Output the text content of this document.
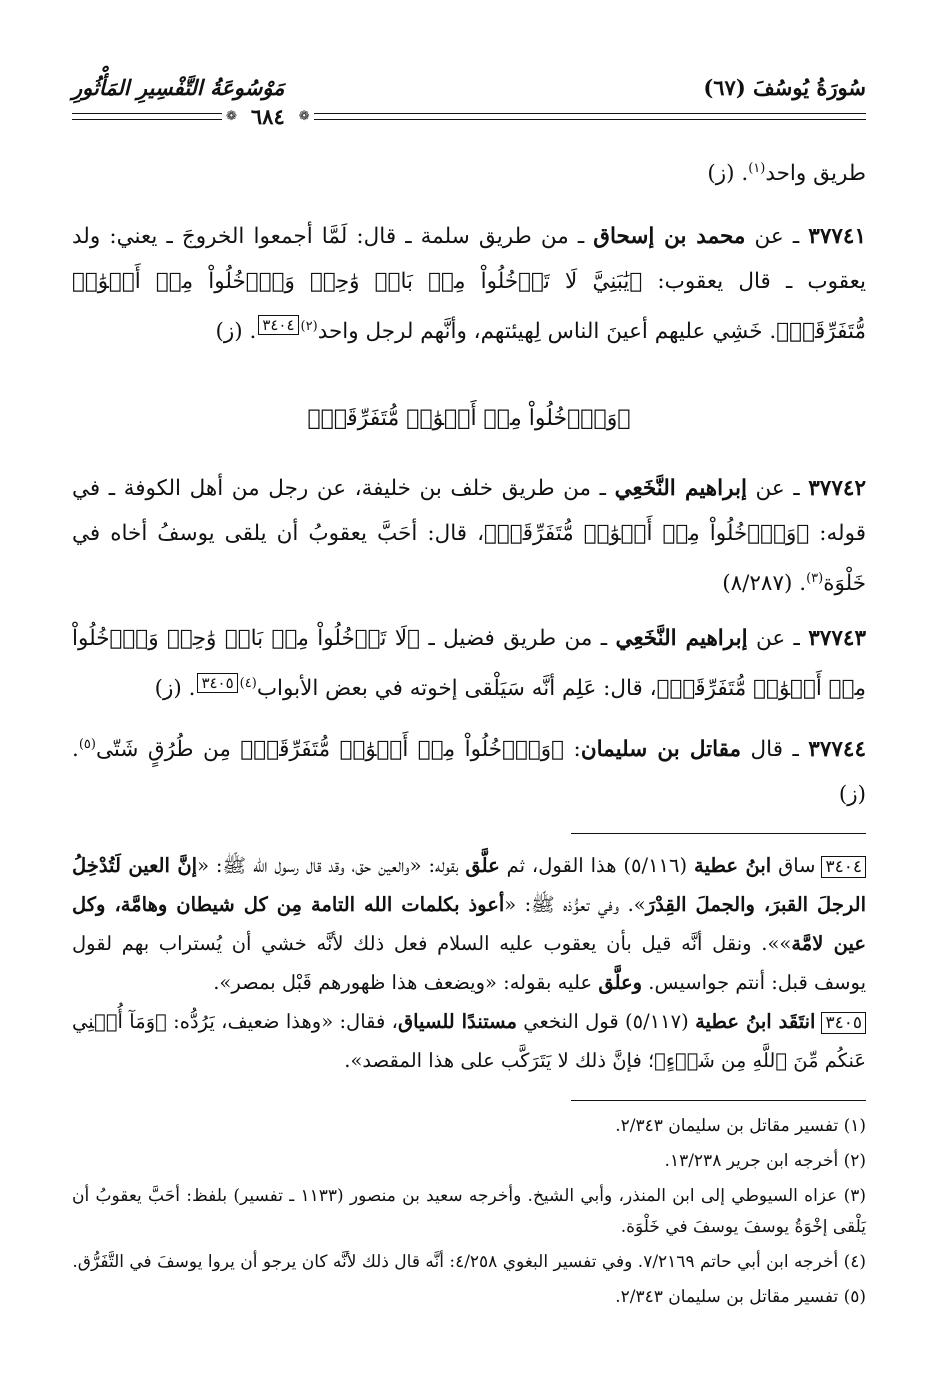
سُورَةُ يُوسُفَ (٦٧)
مَوْسُوعَةُ التَّفْسِيرِ المَأْثُورِ
❁
٦٨٤
❁

طريق واحد$^{(١)}$. (ز)

٣٧٧٤١ ـ عن محمد بن إسحاق ـ من طريق سلمة ـ قال: لَمَّا أجمعوا الخروجَ ـ يعني: ولد يعقوب ـ قال يعقوب: ﴿يَٰبَنِيَّ لَا تَدۡخُلُواْ مِنۢ بَابٖ وَٰحِدٖ وَٱدۡخُلُواْ مِنۡ أَبۡوَٰبٖ مُّتَفَرِّقَةٖ﴾. خَشِي عليهم أعينَ الناس لِهيئتهم، وأنَّهم لرجل واحد$^{(٢)}$٣٤٠٤. (ز)

﴿وَٱدۡخُلُواْ مِنۡ أَبۡوَٰبٖ مُّتَفَرِّقَةٖ﴾

٣٧٧٤٢ ـ عن إبراهيم النَّخَعِي ـ من طريق خلف بن خليفة، عن رجل من أهل الكوفة ـ في قوله: ﴿وَٱدۡخُلُواْ مِنۡ أَبۡوَٰبٖ مُّتَفَرِّقَةٖ﴾، قال: أحَبَّ يعقوبُ أن يلقى يوسفُ أخاه في خَلْوَة$^{(٣)}$. (٨/٢٨٧)

٣٧٧٤٣ ـ عن إبراهيم النَّخَعِي ـ من طريق فضيل ـ ﴿لَا تَدۡخُلُواْ مِنۢ بَابٖ وَٰحِدٖ وَٱدۡخُلُواْ مِنۡ أَبۡوَٰبٖ مُّتَفَرِّقَةٖ﴾، قال: عَلِم أنَّه سَيَلْقى إخوته في بعض الأبواب$^{(٤)}$٣٤٠٥. (ز)

٣٧٧٤٤ ـ قال مقاتل بن سليمان: ﴿وَٱدۡخُلُواْ مِنۡ أَبۡوَٰبٖ مُّتَفَرِّقَةٖ﴾ مِن طُرُقٍ شَتّى$^{(٥)}$. (ز)

٣٤٠٤ساق ابنُ عطية (٥/١١٦) هذا القول، ثم علَّق بقوله: «والعين حق، وقد قال رسول الله ﷺ: «إنَّ العين لَتُدْخِلُ الرجلَ القبرَ، والجملَ القِدْرَ». وفي تعوُّذه ﷺ: «أعوذ بكلمات الله التامة مِن كل شيطان وهامَّة، وكل عين لامَّة»». ونقل أنَّه قيل بأن يعقوب عليه السلام فعل ذلك لأنَّه خشي أن يُستراب بهم لقول يوسف قبل: أنتم جواسيس. وعلَّق عليه بقوله: «ويضعف هذا ظهورهم قَبْل بمصر».

٣٤٠٥انتَقَد ابنُ عطية (٥/١١٧) قول النخعي مستندًا للسياق، فقال: «وهذا ضعيف، يَرُدُّه: ﴿وَمَآ أُغۡنِي عَنكُم مِّنَ ٱللَّهِ مِن شَيۡءٍ﴾؛ فإنَّ ذلك لا يَتَرَكَّب على هذا المقصد».

(١) تفسير مقاتل بن سليمان ٢/٣٤٣.

(٢) أخرجه ابن جرير ١٣/٢٣٨.

(٣) عزاه السيوطي إلى ابن المنذر، وأبي الشيخ. وأخرجه سعيد بن منصور (١١٣٣ ـ تفسير) بلفظ: أحَبَّ يعقوبُ أن يَلْقى إخْوَةُ يوسفَ يوسفَ في خَلْوَة.

(٤) أخرجه ابن أبي حاتم ٧/٢١٦٩. وفي تفسير البغوي ٤/٢٥٨: أنَّه قال ذلك لأنَّه كان يرجو أن يروا يوسفَ في التَّفَرُّق.

(٥) تفسير مقاتل بن سليمان ٢/٣٤٣.
